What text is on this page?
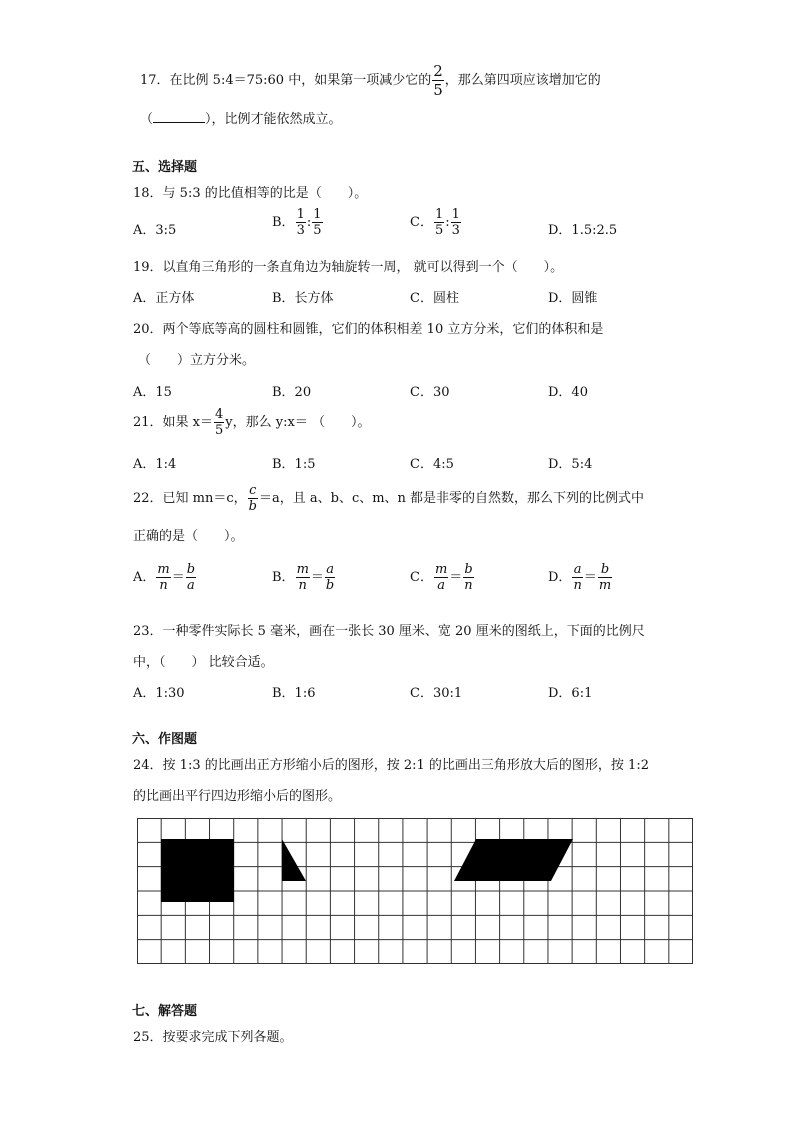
17．在比例 5:4＝75:60 中，如果第一项减少它的 $\frac{2}{5}$ ，那么第四项应该增加它的
（	），比例才能依然成立。
五、选择题
18．与 5:3 的比值相等的比是（　　）。
A．3:5
B． $\frac{1}{3}$ : $\frac{1}{5}$	C． $\frac{1}{5}$ : $\frac{1}{3}$	D．1.5:2.5
19．以直角三角形的一条直角边为轴旋转一周， 就可以得到一个（　　）。
A．正方体	B．长方体	C．圆柱	D．圆锥
20．两个等底等高的圆柱和圆锥，它们的体积相差 10 立方分米，它们的体积和是
（　　）立方分米。
A．15	B．20	C．30	D．40
21．如果 $x= \frac{4}{5}$ y，那么 y:x＝ （　　）。
A．1:4	B．1:5	C．4:5	D．5:4
22．已知 mn＝c， $\frac{c}{b} =a$，且 a、b、c、m、n 都是非零的自然数，那么下列的比例式中
正确的是（　　）。
A． $\frac{m}{n} = \frac{b}{a}$	B． $\frac{m}{n} = \frac{a}{b}$	C． $\frac{m}{a} = \frac{b}{n}$	D． $\frac{a}{n} = \frac{b}{m}$
23．一种零件实际长 5 毫米，画在一张长 30 厘米、宽 20 厘米的图纸上，下面的比例尺
中，（　　） 比较合适。
A．1:30	B．1:6	C．30:1	D．6:1
六、作图题
24．按 1:3 的比画出正方形缩小后的图形，按 2:1 的比画出三角形放大后的图形，按 1:2
的比画出平行四边形缩小后的图形。
七、解答题
25．按要求完成下列各题。
